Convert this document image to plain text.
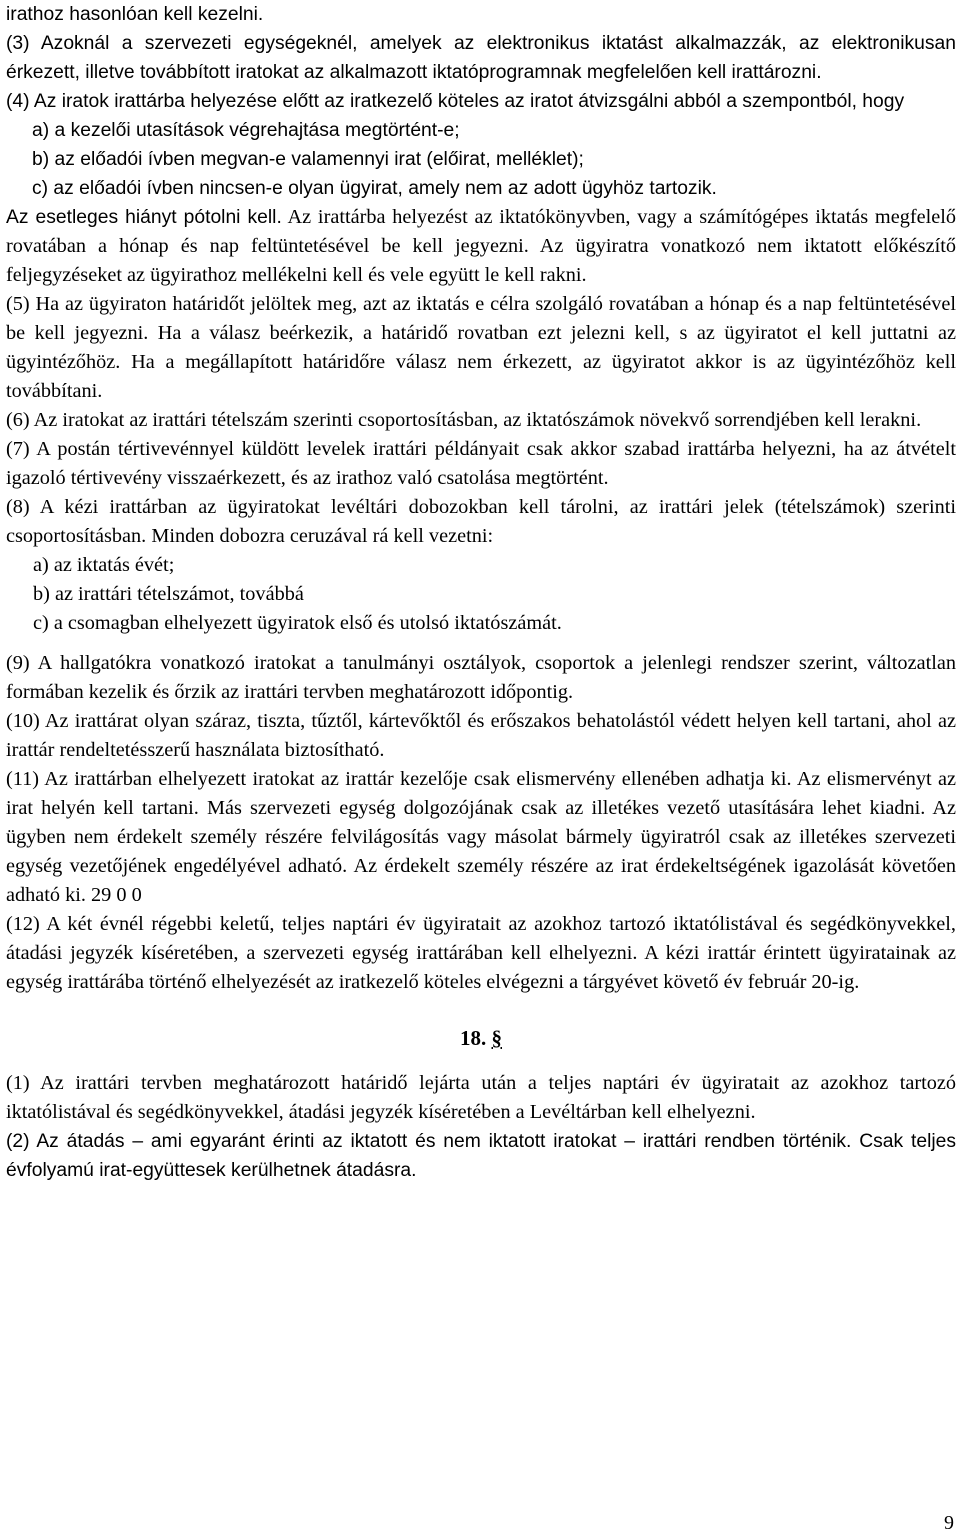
irathoz hasonlóan kell kezelni.

(3) Azoknál a szervezeti egységeknél, amelyek az elektronikus iktatást alkalmazzák, az elektronikusan érkezett, illetve továbbított iratokat az alkalmazott iktatóprogramnak megfelelően kell irattározni.

(4) Az iratok irattárba helyezése előtt az iratkezelő köteles az iratot átvizsgálni abból a szempontból, hogy

a) a kezelői utasítások végrehajtása megtörtént-e;

b) az előadói ívben megvan-e valamennyi irat (előirat, melléklet);

c) az előadói ívben nincsen-e olyan ügyirat, amely nem az adott ügyhöz tartozik.

Az esetleges hiányt pótolni kell. Az irattárba helyezést az iktatókönyvben, vagy a számítógépes iktatás megfelelő rovatában a hónap és nap feltüntetésével be kell jegyezni. Az ügyiratra vonatkozó nem iktatott előkészítő feljegyzéseket az ügyirathoz mellékelni kell és vele együtt le kell rakni.

(5) Ha az ügyiraton határidőt jelöltek meg, azt az iktatás e célra szolgáló rovatában a hónap és a nap feltüntetésével be kell jegyezni. Ha a válasz beérkezik, a határidő rovatban ezt jelezni kell, s az ügyiratot el kell juttatni az ügyintézőhöz. Ha a megállapított határidőre válasz nem érkezett, az ügyiratot akkor is az ügyintézőhöz kell továbbítani.

(6) Az iratokat az irattári tételszám szerinti csoportosításban, az iktatószámok növekvő sorrendjében kell lerakni.

(7) A postán tértivevénnyel küldött levelek irattári példányait csak akkor szabad irattárba helyezni, ha az átvételt igazoló tértivevény visszaérkezett, és az irathoz való csatolása megtörtént.

(8) A kézi irattárban az ügyiratokat levéltári dobozokban kell tárolni, az irattári jelek (tételszámok) szerinti csoportosításban. Minden dobozra ceruzával rá kell vezetni:

a) az iktatás évét;

b) az irattári tételszámot, továbbá

c) a csomagban elhelyezett ügyiratok első és utolsó iktatószámát.

(9) A hallgatókra vonatkozó iratokat a tanulmányi osztályok, csoportok a jelenlegi rendszer szerint, változatlan formában kezelik és őrzik az irattári tervben meghatározott időpontig.

(10) Az irattárat olyan száraz, tiszta, tűztől, kártevőktől és erőszakos behatolástól védett helyen kell tartani, ahol az irattár rendeltetésszerű használata biztosítható.

(11) Az irattárban elhelyezett iratokat az irattár kezelője csak elismervény ellenében adhatja ki. Az elismervényt az irat helyén kell tartani. Más szervezeti egység dolgozójának csak az illetékes vezető utasítására lehet kiadni. Az ügyben nem érdekelt személy részére felvilágosítás vagy másolat bármely ügyiratról csak az illetékes szervezeti egység vezetőjének engedélyével adható. Az érdekelt személy részére az irat érdekeltségének igazolását követően adható ki. 29 0 0

(12) A két évnél régebbi keletű, teljes naptári év ügyiratait az azokhoz tartozó iktatólistával és segédkönyvekkel, átadási jegyzék kíséretében, a szervezeti egység irattárában kell elhelyezni. A kézi irattár érintett ügyiratainak az egység irattárába történő elhelyezését az iratkezelő köteles elvégezni a tárgyévet követő év február 20-ig.

18. §

(1) Az irattári tervben meghatározott határidő lejárta után a teljes naptári év ügyiratait az azokhoz tartozó iktatólistával és segédkönyvekkel, átadási jegyzék kíséretében a Levéltárban kell elhelyezni.

(2) Az átadás – ami egyaránt érinti az iktatott és nem iktatott iratokat – irattári rendben történik. Csak teljes évfolyamú irat-együttesek kerülhetnek átadásra.

9
